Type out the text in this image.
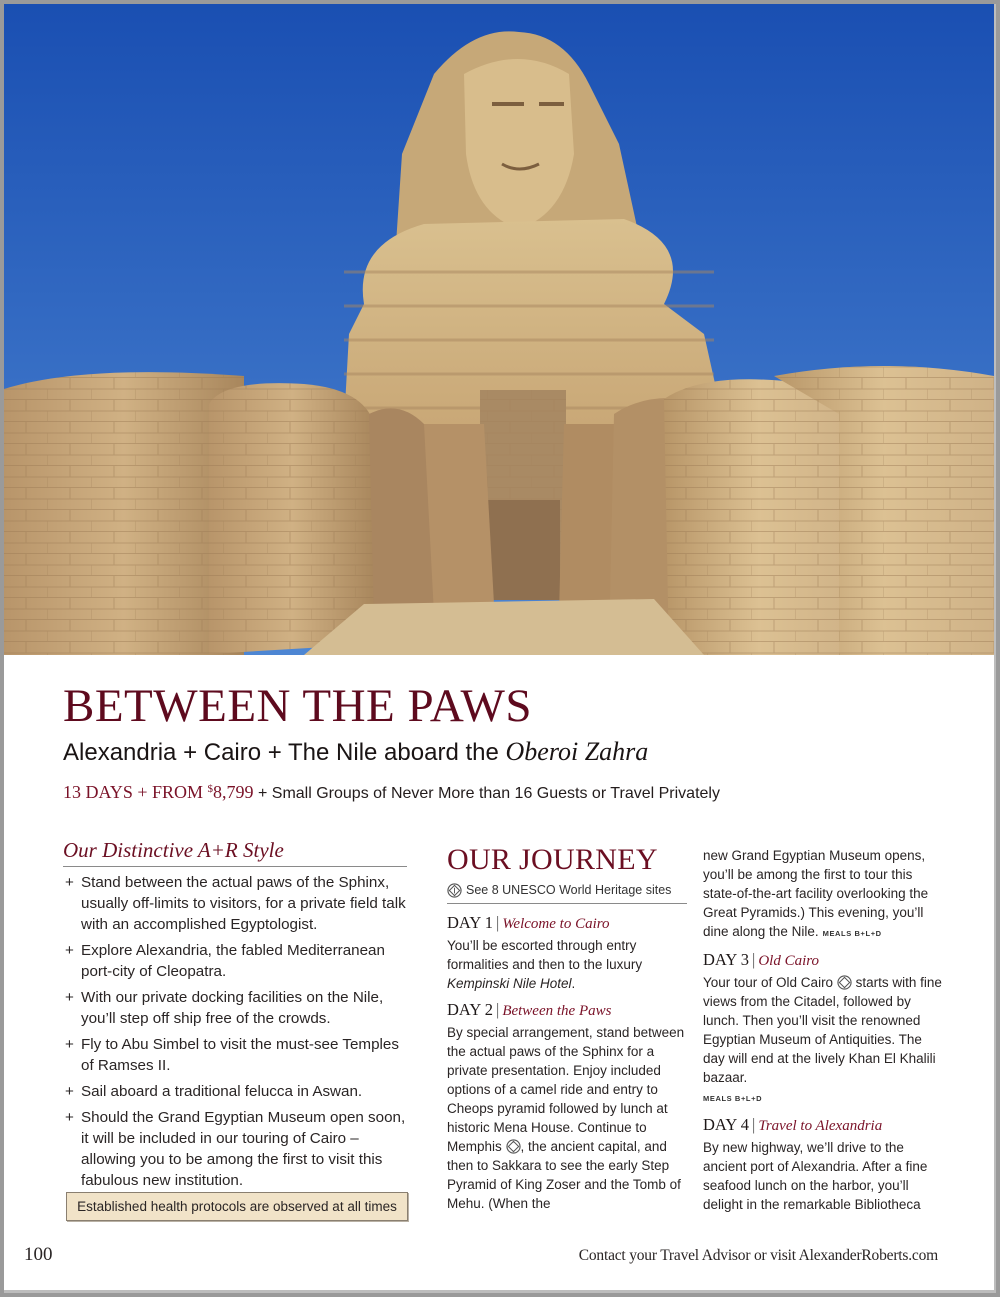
BETWEEN THE PAWS
Alexandria + Cairo + The Nile aboard the Oberoi Zahra
13 DAYS + FROM $8,799 + Small Groups of Never More than 16 Guests or Travel Privately
Our Distinctive A+R Style
+ Stand between the actual paws of the Sphinx, usually off-limits to visitors, for a private field talk with an accomplished Egyptologist.
+ Explore Alexandria, the fabled Mediterranean port-city of Cleopatra.
+ With our private docking facilities on the Nile, you’ll step off ship free of the crowds.
+ Fly to Abu Simbel to visit the must-see Temples of Ramses II.
+ Sail aboard a traditional felucca in Aswan.
+ Should the Grand Egyptian Museum open soon, it will be included in our touring of Cairo – allowing you to be among the first to visit this fabulous new institution.
Established health protocols are observed at all times
OUR JOURNEY
See 8 UNESCO World Heritage sites
DAY 1 | Welcome to Cairo

You’ll be escorted through entry formalities and then to the luxury Kempinski Nile Hotel.

DAY 2 | Between the Paws

By special arrangement, stand between the actual paws of the Sphinx for a private presentation. Enjoy included options of a camel ride and entry to Cheops pyramid followed by lunch at historic Mena House. Continue to Memphis , the ancient capital, and then to Sakkara to see the early Step Pyramid of King Zoser and the Tomb of Mehu. (When the

new Grand Egyptian Museum opens, you’ll be among the first to tour this state-of-the-art facility overlooking the Great Pyramids.) This evening, you’ll dine along the Nile. MEALS B+L+D

DAY 3 | Old Cairo

Your tour of Old Cairo  starts with fine views from the Citadel, followed by lunch. Then you’ll visit the renowned Egyptian Museum of Antiquities. The day will end at the lively Khan El Khalili bazaar.
MEALS B+L+D

DAY 4 | Travel to Alexandria

By new highway, we’ll drive to the ancient port of Alexandria. After a fine seafood lunch on the harbor, you’ll delight in the remarkable Bibliotheca

100	Contact your Travel Advisor or visit AlexanderRoberts.com
